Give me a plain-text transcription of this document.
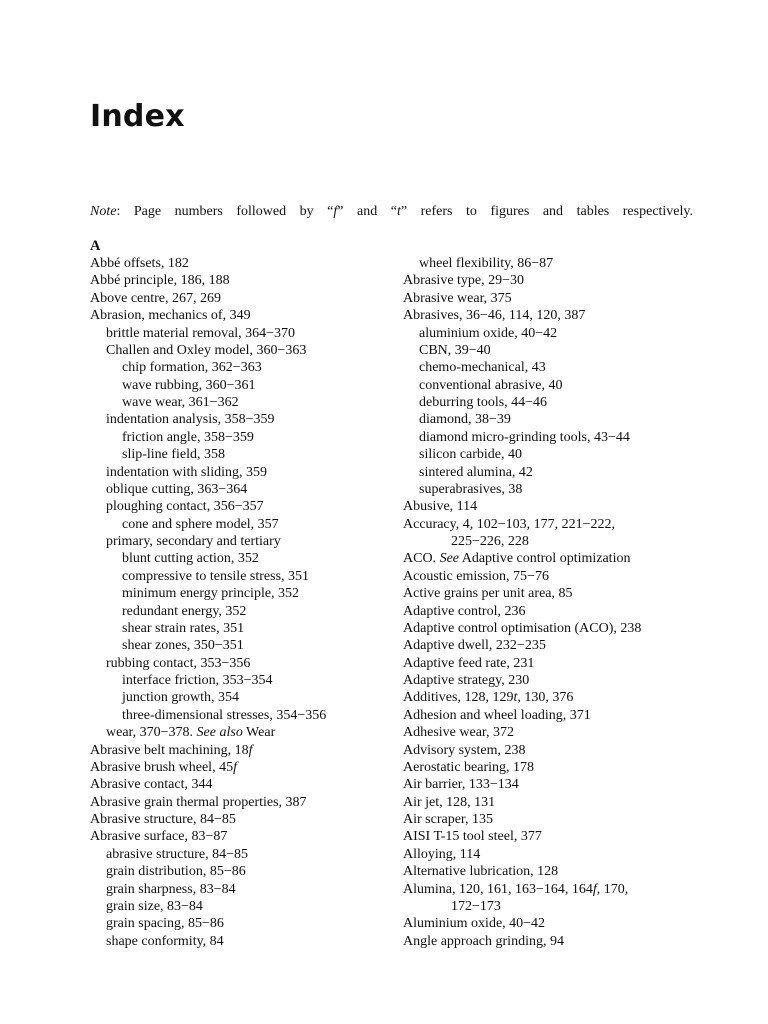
Index

Note: Page numbers followed by “f” and “t” refers to figures and tables respectively.

A
Abbé offsets, 182
Abbé principle, 186, 188
Above centre, 267, 269
Abrasion, mechanics of, 349
brittle material removal, 364−370
Challen and Oxley model, 360−363
chip formation, 362−363
wave rubbing, 360−361
wave wear, 361−362
indentation analysis, 358−359
friction angle, 358−359
slip-line field, 358
indentation with sliding, 359
oblique cutting, 363−364
ploughing contact, 356−357
cone and sphere model, 357
primary, secondary and tertiary
blunt cutting action, 352
compressive to tensile stress, 351
minimum energy principle, 352
redundant energy, 352
shear strain rates, 351
shear zones, 350−351
rubbing contact, 353−356
interface friction, 353−354
junction growth, 354
three-dimensional stresses, 354−356
wear, 370−378. See also Wear
Abrasive belt machining, 18f
Abrasive brush wheel, 45f
Abrasive contact, 344
Abrasive grain thermal properties, 387
Abrasive structure, 84−85
Abrasive surface, 83−87
abrasive structure, 84−85
grain distribution, 85−86
grain sharpness, 83−84
grain size, 83−84
grain spacing, 85−86
shape conformity, 84
wheel flexibility, 86−87
Abrasive type, 29−30
Abrasive wear, 375
Abrasives, 36−46, 114, 120, 387
aluminium oxide, 40−42
CBN, 39−40
chemo-mechanical, 43
conventional abrasive, 40
deburring tools, 44−46
diamond, 38−39
diamond micro-grinding tools, 43−44
silicon carbide, 40
sintered alumina, 42
superabrasives, 38
Abusive, 114
Accuracy, 4, 102−103, 177, 221−222,
225−226, 228
ACO. See Adaptive control optimization
Acoustic emission, 75−76
Active grains per unit area, 85
Adaptive control, 236
Adaptive control optimisation (ACO), 238
Adaptive dwell, 232−235
Adaptive feed rate, 231
Adaptive strategy, 230
Additives, 128, 129t, 130, 376
Adhesion and wheel loading, 371
Adhesive wear, 372
Advisory system, 238
Aerostatic bearing, 178
Air barrier, 133−134
Air jet, 128, 131
Air scraper, 135
AISI T-15 tool steel, 377
Alloying, 114
Alternative lubrication, 128
Alumina, 120, 161, 163−164, 164f, 170,
172−173
Aluminium oxide, 40−42
Angle approach grinding, 94
